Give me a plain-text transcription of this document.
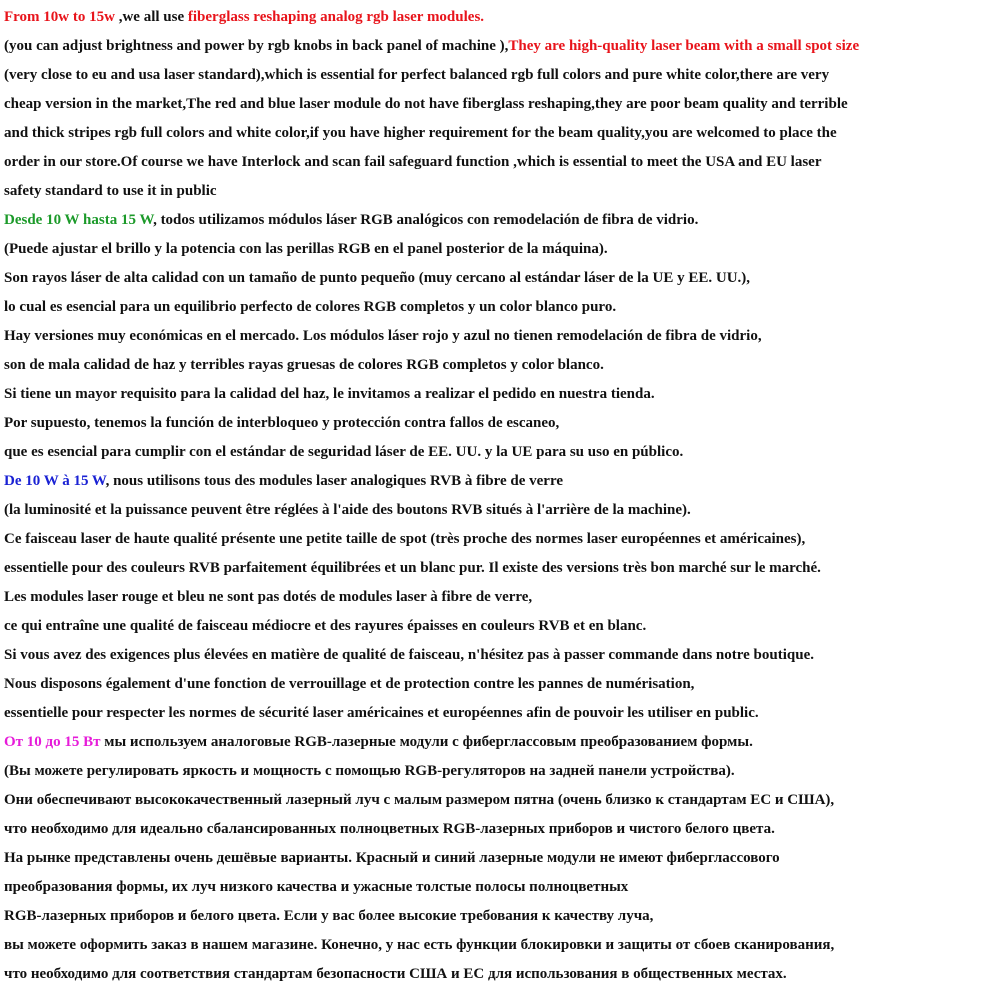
From 10w to 15w ,we all use fiberglass reshaping analog rgb laser modules.
(you can adjust brightness and power by rgb knobs in back panel of machine ),They are high-quality laser beam with a small spot size
(very close to eu and usa laser standard),which is essential for perfect balanced rgb full colors and pure white color,there are very
cheap version in the market,The red and blue laser module do not have fiberglass reshaping,they are poor beam quality and terrible
and thick stripes rgb full colors and white color,if you have higher requirement for the beam quality,you are welcomed to place the
order in our store.Of course we have Interlock and scan fail safeguard function ,which is essential to meet the USA and EU laser
safety standard to use it in public
Desde 10 W hasta 15 W, todos utilizamos módulos láser RGB analógicos con remodelación de fibra de vidrio.
(Puede ajustar el brillo y la potencia con las perillas RGB en el panel posterior de la máquina).
Son rayos láser de alta calidad con un tamaño de punto pequeño (muy cercano al estándar láser de la UE y EE. UU.),
lo cual es esencial para un equilibrio perfecto de colores RGB completos y un color blanco puro.
Hay versiones muy económicas en el mercado. Los módulos láser rojo y azul no tienen remodelación de fibra de vidrio,
son de mala calidad de haz y terribles rayas gruesas de colores RGB completos y color blanco.
Si tiene un mayor requisito para la calidad del haz, le invitamos a realizar el pedido en nuestra tienda.
Por supuesto, tenemos la función de interbloqueo y protección contra fallos de escaneo,
que es esencial para cumplir con el estándar de seguridad láser de EE. UU. y la UE para su uso en público.
De 10 W à 15 W, nous utilisons tous des modules laser analogiques RVB à fibre de verre
(la luminosité et la puissance peuvent être réglées à l'aide des boutons RVB situés à l'arrière de la machine).
Ce faisceau laser de haute qualité présente une petite taille de spot (très proche des normes laser européennes et américaines),
essentielle pour des couleurs RVB parfaitement équilibrées et un blanc pur. Il existe des versions très bon marché sur le marché.
Les modules laser rouge et bleu ne sont pas dotés de modules laser à fibre de verre,
ce qui entraîne une qualité de faisceau médiocre et des rayures épaisses en couleurs RVB et en blanc.
Si vous avez des exigences plus élevées en matière de qualité de faisceau, n'hésitez pas à passer commande dans notre boutique.
Nous disposons également d'une fonction de verrouillage et de protection contre les pannes de numérisation,
essentielle pour respecter les normes de sécurité laser américaines et européennes afin de pouvoir les utiliser en public.
От 10 до 15 Вт мы используем аналоговые RGB-лазерные модули с фиберглассовым преобразованием формы.
(Вы можете регулировать яркость и мощность с помощью RGB-регуляторов на задней панели устройства).
Они обеспечивают высококачественный лазерный луч с малым размером пятна (очень близко к стандартам ЕС и США),
что необходимо для идеально сбалансированных полноцветных RGB-лазерных приборов и чистого белого цвета.
На рынке представлены очень дешёвые варианты. Красный и синий лазерные модули не имеют фиберглассового
преобразования формы, их луч низкого качества и ужасные толстые полосы полноцветных
RGB-лазерных приборов и белого цвета. Если у вас более высокие требования к качеству луча,
вы можете оформить заказ в нашем магазине. Конечно, у нас есть функции блокировки и защиты от сбоев сканирования,
что необходимо для соответствия стандартам безопасности США и ЕС для использования в общественных местах.
